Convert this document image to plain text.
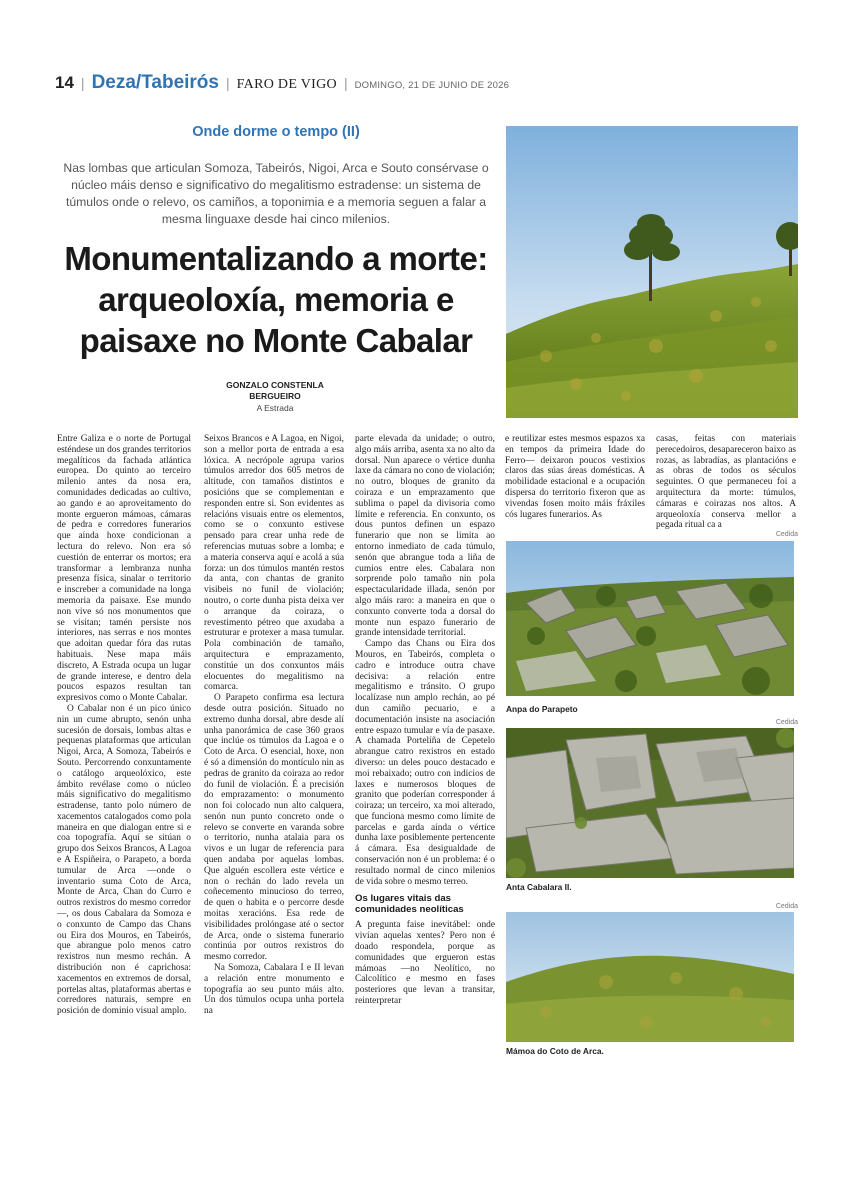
14 | Deza/Tabeirós | FARO DE VIGO | DOMINGO, 21 DE JUNIO DE 2026
Onde dorme o tempo (II)
Nas lombas que articulan Somoza, Tabeirós, Nigoi, Arca e Souto consérvase o núcleo máis denso e significativo do megalitismo estradense: un sistema de túmulos onde o relevo, os camiños, a toponimia e a memoria seguen a falar a mesma linguaxe desde hai cinco milenios.
Monumentalizando a morte:
arqueoloxía, memoria e
paisaxe no Monte Cabalar
GONZALO CONSTENLA
BERGUEIRO
A Estrada

Entre Galiza e o norte de Portugal esténdese un dos grandes territorios megalíticos da fachada atlántica europea. Do quinto ao terceiro milenio antes da nosa era, comunidades dedicadas ao cultivo, ao gando e ao aproveitamento do monte ergueron mámoas, cámaras de pedra e corredores funerarios que aínda hoxe condicionan a lectura do relevo. Non era só cuestión de enterrar os mortos; era transformar a lembranza nunha presenza física, sinalar o territorio e inscreber a comunidade na longa memoria da paisaxe. Ese mundo non vive só nos monumentos que se visitan; tamén persiste nos interiores, nas serras e nos montes que adoitan quedar fóra das rutas habituais. Nese mapa máis discreto, A Estrada ocupa un lugar de grande interese, e dentro dela poucos espazos resultan tan expresivos como o Monte Cabalar.

O Cabalar non é un pico único nin un cume abrupto, senón unha sucesión de dorsais, lombas altas e pequenas plataformas que articulan Nigoi, Arca, A Somoza, Tabeirós e Souto. Percorrendo conxuntamente o catálogo arqueolóxico, este ámbito revélase como o núcleo máis significativo do megalitismo estradense, tanto polo número de xacementos catalogados como pola maneira en que dialogan entre si e coa topografía. Aquí se sitúan o grupo dos Seixos Brancos, A Lagoa e A Espiñeira, o Parapeto, a borda tumular de Arca —onde o inventario suma Coto de Arca, Monte de Arca, Chan do Curro e outros rexistros do mesmo corredor—, os dous Cabalara da Somoza e o conxunto de Campo das Chans ou Eira dos Mouros, en Tabeirós, que abrangue polo menos catro rexistros nun mesmo rechán. A distribución non é caprichosa: xacementos en extremos de dorsal, portelas altas, plataformas abertas e corredores naturais, sempre en posición de dominio visual amplo.

Seixos Brancos e A Lagoa, en Nigoi, son a mellor porta de entrada a esa lóxica. A necrópole agrupa varios túmulos arredor dos 605 metros de altitude, con tamaños distintos e posicións que se complementan e responden entre si. Son evidentes as relacións visuais entre os elementos, como se o conxunto estivese pensado para crear unha rede de referencias mutuas sobre a lomba; e a materia conserva aquí e acolá a súa forza: un dos túmulos mantén restos da anta, con chantas de granito visibeis no funil de violación; noutro, o corte dunha pista deixa ver o arranque da coiraza, o revestimento pétreo que axudaba a estruturar e protexer a masa tumular. Pola combinación de tamaño, arquitectura e emprazamento, constitúe un dos conxuntos máis elocuentes do megalitismo na comarca.

O Parapeto confirma esa lectura desde outra posición. Situado no extremo dunha dorsal, abre desde alí unha panorámica de case 360 graos que inclúe os túmulos da Lagoa e o Coto de Arca. O esencial, hoxe, non é só a dimensión do montículo nin as pedras de granito da coiraza ao redor do funil de violación. É a precisión do emprazamento: o monumento non foi colocado nun alto calquera, senón nun punto concreto onde o relevo se converte en varanda sobre o territorio, nunha atalaia para os vivos e un lugar de referencia para quen andaba por aquelas lombas. Que alguén escollera este vértice e non o rechán do lado revela un coñecemento minucioso do terreo, de quen o habita e o percorre desde moitas xeracións. Esa rede de visibilidades prolóngase até o sector de Arca, onde o sistema funerario continúa por outros rexistros do mesmo corredor.

Na Somoza, Cabalara I e II levan a relación entre monumento e topografía ao seu punto máis alto. Un dos túmulos ocupa unha portela na

parte elevada da unidade; o outro, algo máis arriba, asenta xa no alto da dorsal. Nun aparece o vértice dunha laxe da cámara no cono de violación; no outro, bloques de granito da coiraza e un emprazamento que sublima o papel da divisoria como límite e referencia. En conxunto, os dous puntos definen un espazo funerario que non se limita ao entorno inmediato de cada túmulo, senón que abrangue toda a liña de cumios entre eles. Cabalara non sorprende polo tamaño nin pola espectacularidade illada, senón por algo máis raro: a maneira en que o conxunto converte toda a dorsal do monte nun espazo funerario de grande intensidade territorial.

Campo das Chans ou Eira dos Mouros, en Tabeirós, completa o cadro e introduce outra chave decisiva: a relación entre megalitismo e tránsito. O grupo localízase nun amplo rechán, ao pé dun camiño pecuario, e a documentación insiste na asociación entre espazo tumular e vía de pasaxe. A chamada Portelíña de Cepetelo abrangue catro rexistros en estado diverso: un deles pouco destacado e moi rebaixado; outro con indicios de laxes e numerosos bloques de granito que poderían corresponder á coiraza; un terceiro, xa moi alterado, que funciona mesmo como límite de parcelas e garda aínda o vértice dunha laxe posiblemente pertencente á cámara. Esa desigualdade de conservación non é un problema: é o resultado normal de cinco milenios de vida sobre o mesmo terreo.

Os lugares vitais das comunidades neolíticas

A pregunta faise inevitábel: onde vivían aquelas xentes? Pero non é doado respondela, porque as comunidades que ergueron estas mámoas —no Neolítico, no Calcolítico e mesmo en fases posteriores que levan a transitar, reinterpretar

e reutilizar estes mesmos espazos xa en tempos da primeira Idade do Ferro— deixaron poucos vestixios claros das súas áreas domésticas. A mobilidade estacional e a ocupación dispersa do territorio fixeron que as vivendas fosen moito máis fráxiles cós lugares funerarios. As

casas, feitas con materiais perecedoiros, desapareceron baixo as rozas, as labradías, as plantacións e as obras de todos os séculos seguintes. O que permaneceu foi a arquitectura da morte: túmulos, cámaras e coirazas nos altos. A arqueoloxía conserva mellor a pegada ritual ca a

Cedida
Anpa do Parapeto
Cedida
Anta Cabalara II.
Cedida
Mámoa do Coto de Arca.
